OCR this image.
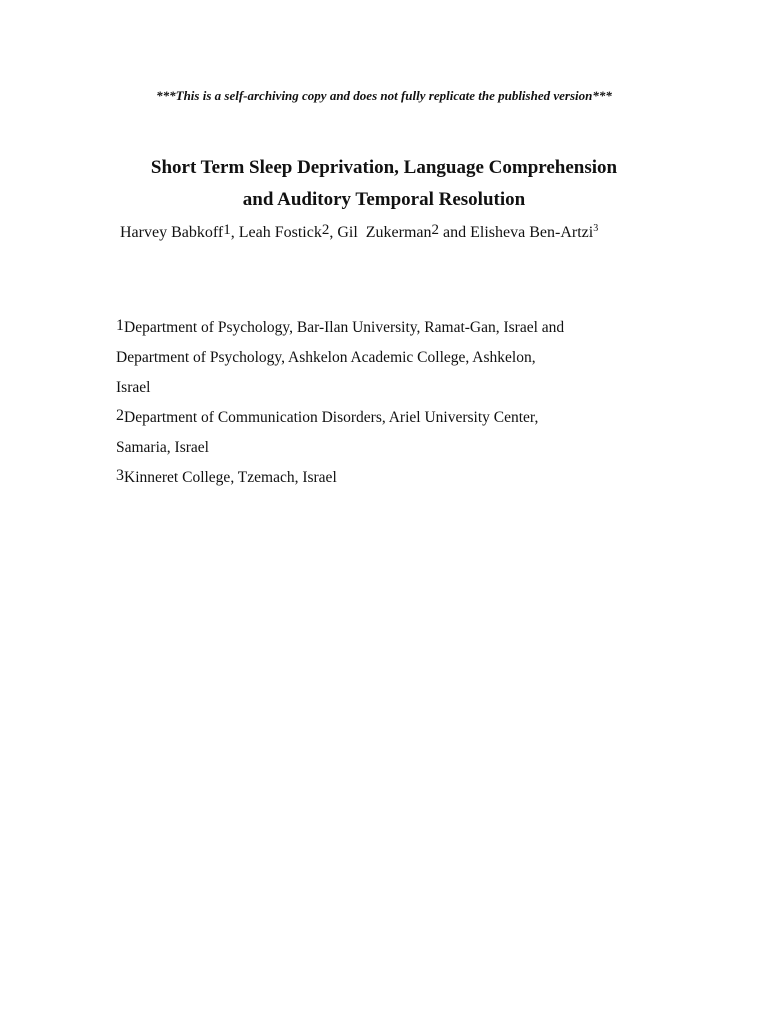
***This is a self-archiving copy and does not fully replicate the published version***
Short Term Sleep Deprivation, Language Comprehension
and Auditory Temporal Resolution
Harvey Babkoff$^1$, Leah Fostick$^2$, Gil  Zukerman$^2$ and Elisheva Ben-Artzi$^3$
1Department of Psychology, Bar-Ilan University, Ramat-Gan, Israel and
Department of Psychology, Ashkelon Academic College, Ashkelon,
Israel
2Department of Communication Disorders, Ariel University Center,
Samaria, Israel
3Kinneret College, Tzemach, Israel
